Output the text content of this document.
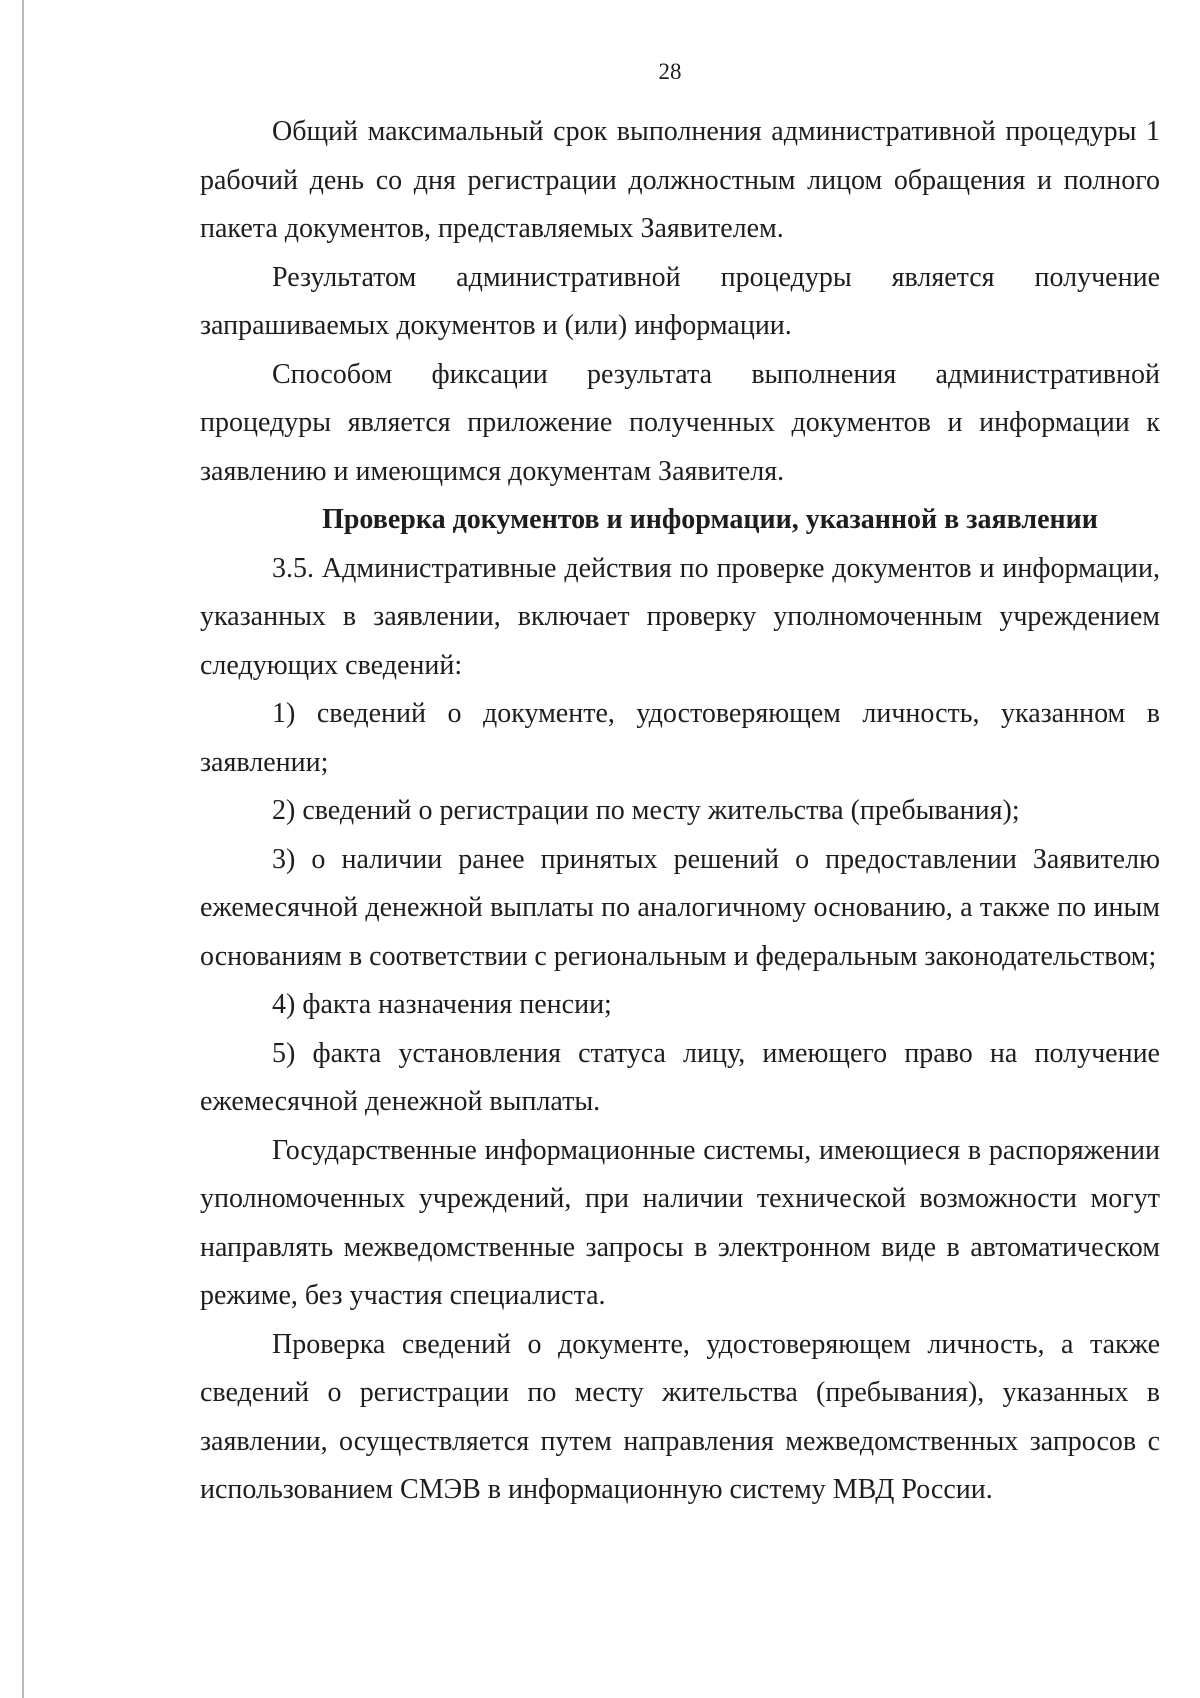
28

Общий максимальный срок выполнения административной процедуры 1 рабочий день со дня регистрации должностным лицом обращения и полного пакета документов, представляемых Заявителем.

Результатом административной процедуры является получение запрашиваемых документов и (или) информации.

Способом фиксации результата выполнения административной процедуры является приложение полученных документов и информации к заявлению и имеющимся документам Заявителя.

Проверка документов и информации, указанной в заявлении

3.5. Административные действия по проверке документов и информации, указанных в заявлении, включает проверку уполномоченным учреждением следующих сведений:

1) сведений о документе, удостоверяющем личность, указанном в заявлении;

2) сведений о регистрации по месту жительства (пребывания);

3) о наличии ранее принятых решений о предоставлении Заявителю ежемесячной денежной выплаты по аналогичному основанию, а также по иным основаниям в соответствии с региональным и федеральным законодательством;

4) факта назначения пенсии;

5) факта установления статуса лицу, имеющего право на получение ежемесячной денежной выплаты.

Государственные информационные системы, имеющиеся в распоряжении уполномоченных учреждений, при наличии технической возможности могут направлять межведомственные запросы в электронном виде в автоматическом режиме, без участия специалиста.

Проверка сведений о документе, удостоверяющем личность, а также сведений о регистрации по месту жительства (пребывания), указанных в заявлении, осуществляется путем направления межведомственных запросов с использованием СМЭВ в информационную систему МВД России.
